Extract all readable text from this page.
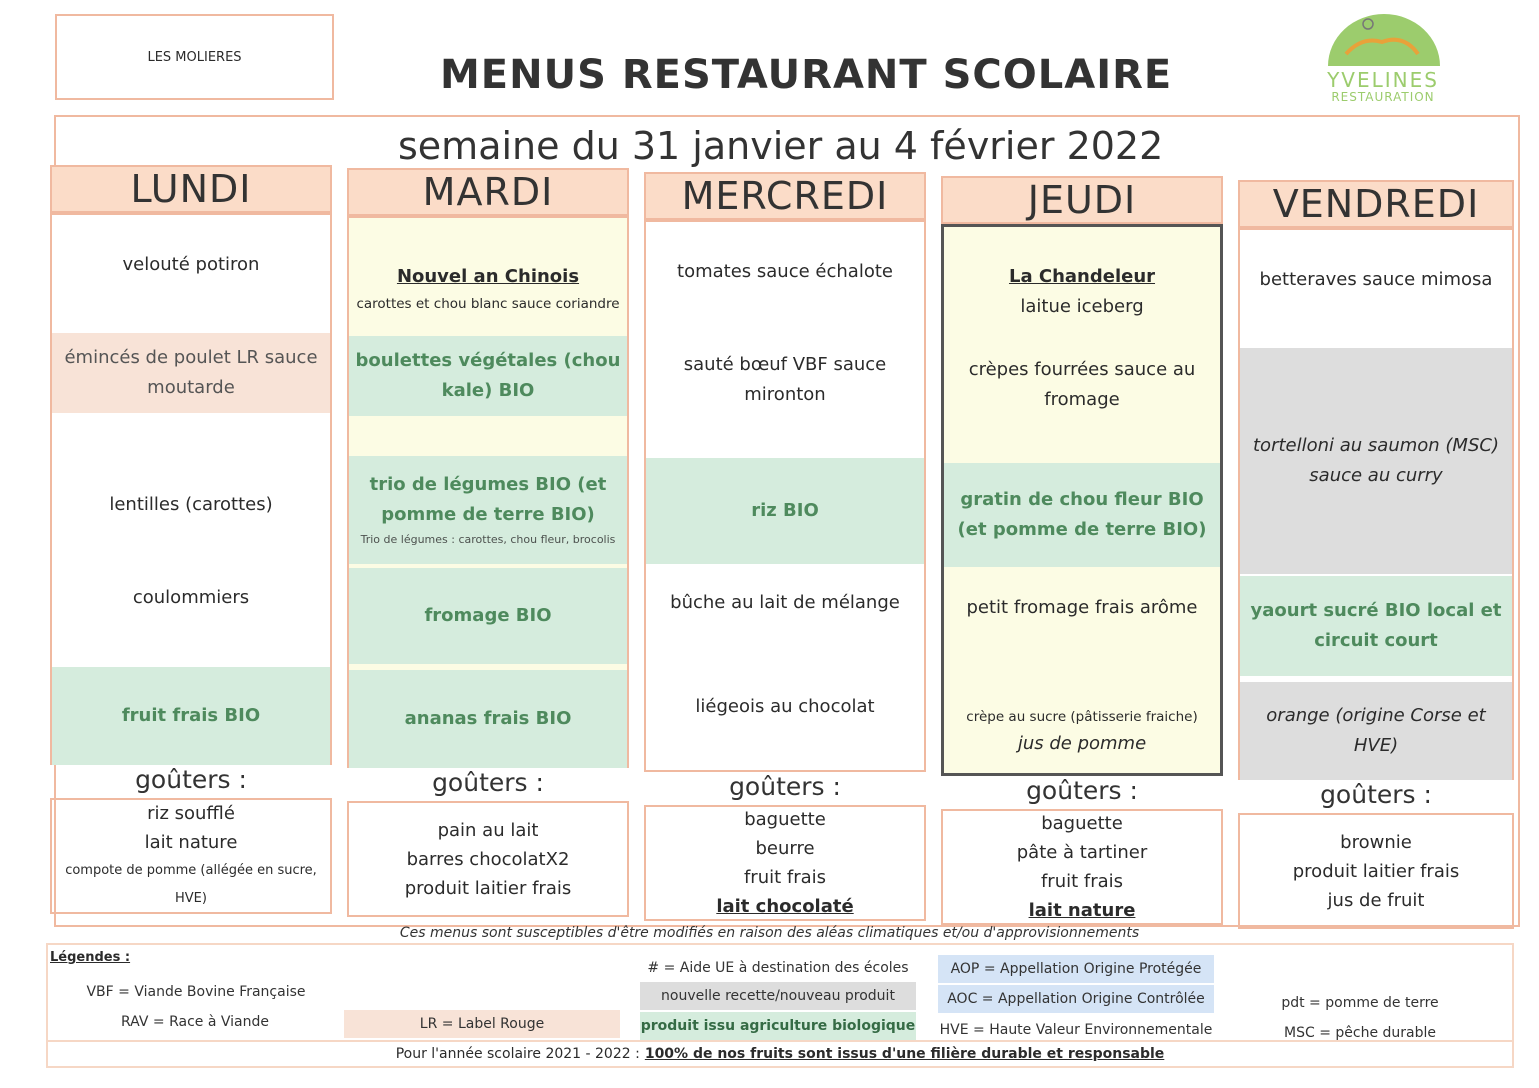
LES MOLIERES	MENUS RESTAURANT SCOLAIRE	YVELINES
RESTAURATION
semaine du 31 janvier au 4 février 2022
LUNDI
velouté potiron
émincés de poulet LR sauce moutarde
lentilles (carottes)
coulommiers
fruit frais BIO
goûters :
riz soufflé
lait nature
compote de pomme (allégée en sucre, HVE)
MARDI
Nouvel an Chinois
carottes et chou blanc sauce coriandre
boulettes végétales (chou kale) BIO
trio de légumes BIO (et pomme de terre BIO)
Trio de légumes : carottes, chou fleur, brocolis
fromage BIO
ananas frais BIO
goûters :
pain au lait
barres chocolatX2
produit laitier frais
MERCREDI
tomates sauce échalote
sauté bœuf VBF sauce mironton
riz BIO
bûche au lait de mélange
liégeois au chocolat
goûters :
baguette
beurre
fruit frais
lait chocolaté
JEUDI
La Chandeleur
laitue iceberg
crèpes fourrées sauce au fromage
gratin de chou fleur BIO (et pomme de terre BIO)
petit fromage frais arôme
crèpe au sucre (pâtisserie fraiche)
jus de pomme
goûters :
baguette
pâte à tartiner
fruit frais
lait nature
VENDREDI
betteraves sauce mimosa
tortelloni au saumon (MSC) sauce au curry
yaourt sucré BIO local et circuit court
orange (origine Corse et HVE)
goûters :
brownie
produit laitier frais
jus de fruit
Ces menus sont susceptibles d'être modifiés en raison des aléas climatiques et/ou d'approvisionnements
Légendes :
VBF = Viande Bovine Française
RAV = Race à Viande	LR = Label Rouge
# = Aide UE à destination des écoles
nouvelle recette/nouveau produit
produit issu agriculture biologique
AOP = Appellation Origine Protégée
AOC = Appellation Origine Contrôlée
HVE = Haute Valeur Environnementale
pdt = pomme de terre
MSC = pêche durable
Pour l'année scolaire 2021 - 2022 : 100% de nos fruits sont issus d'une filière durable et responsable
